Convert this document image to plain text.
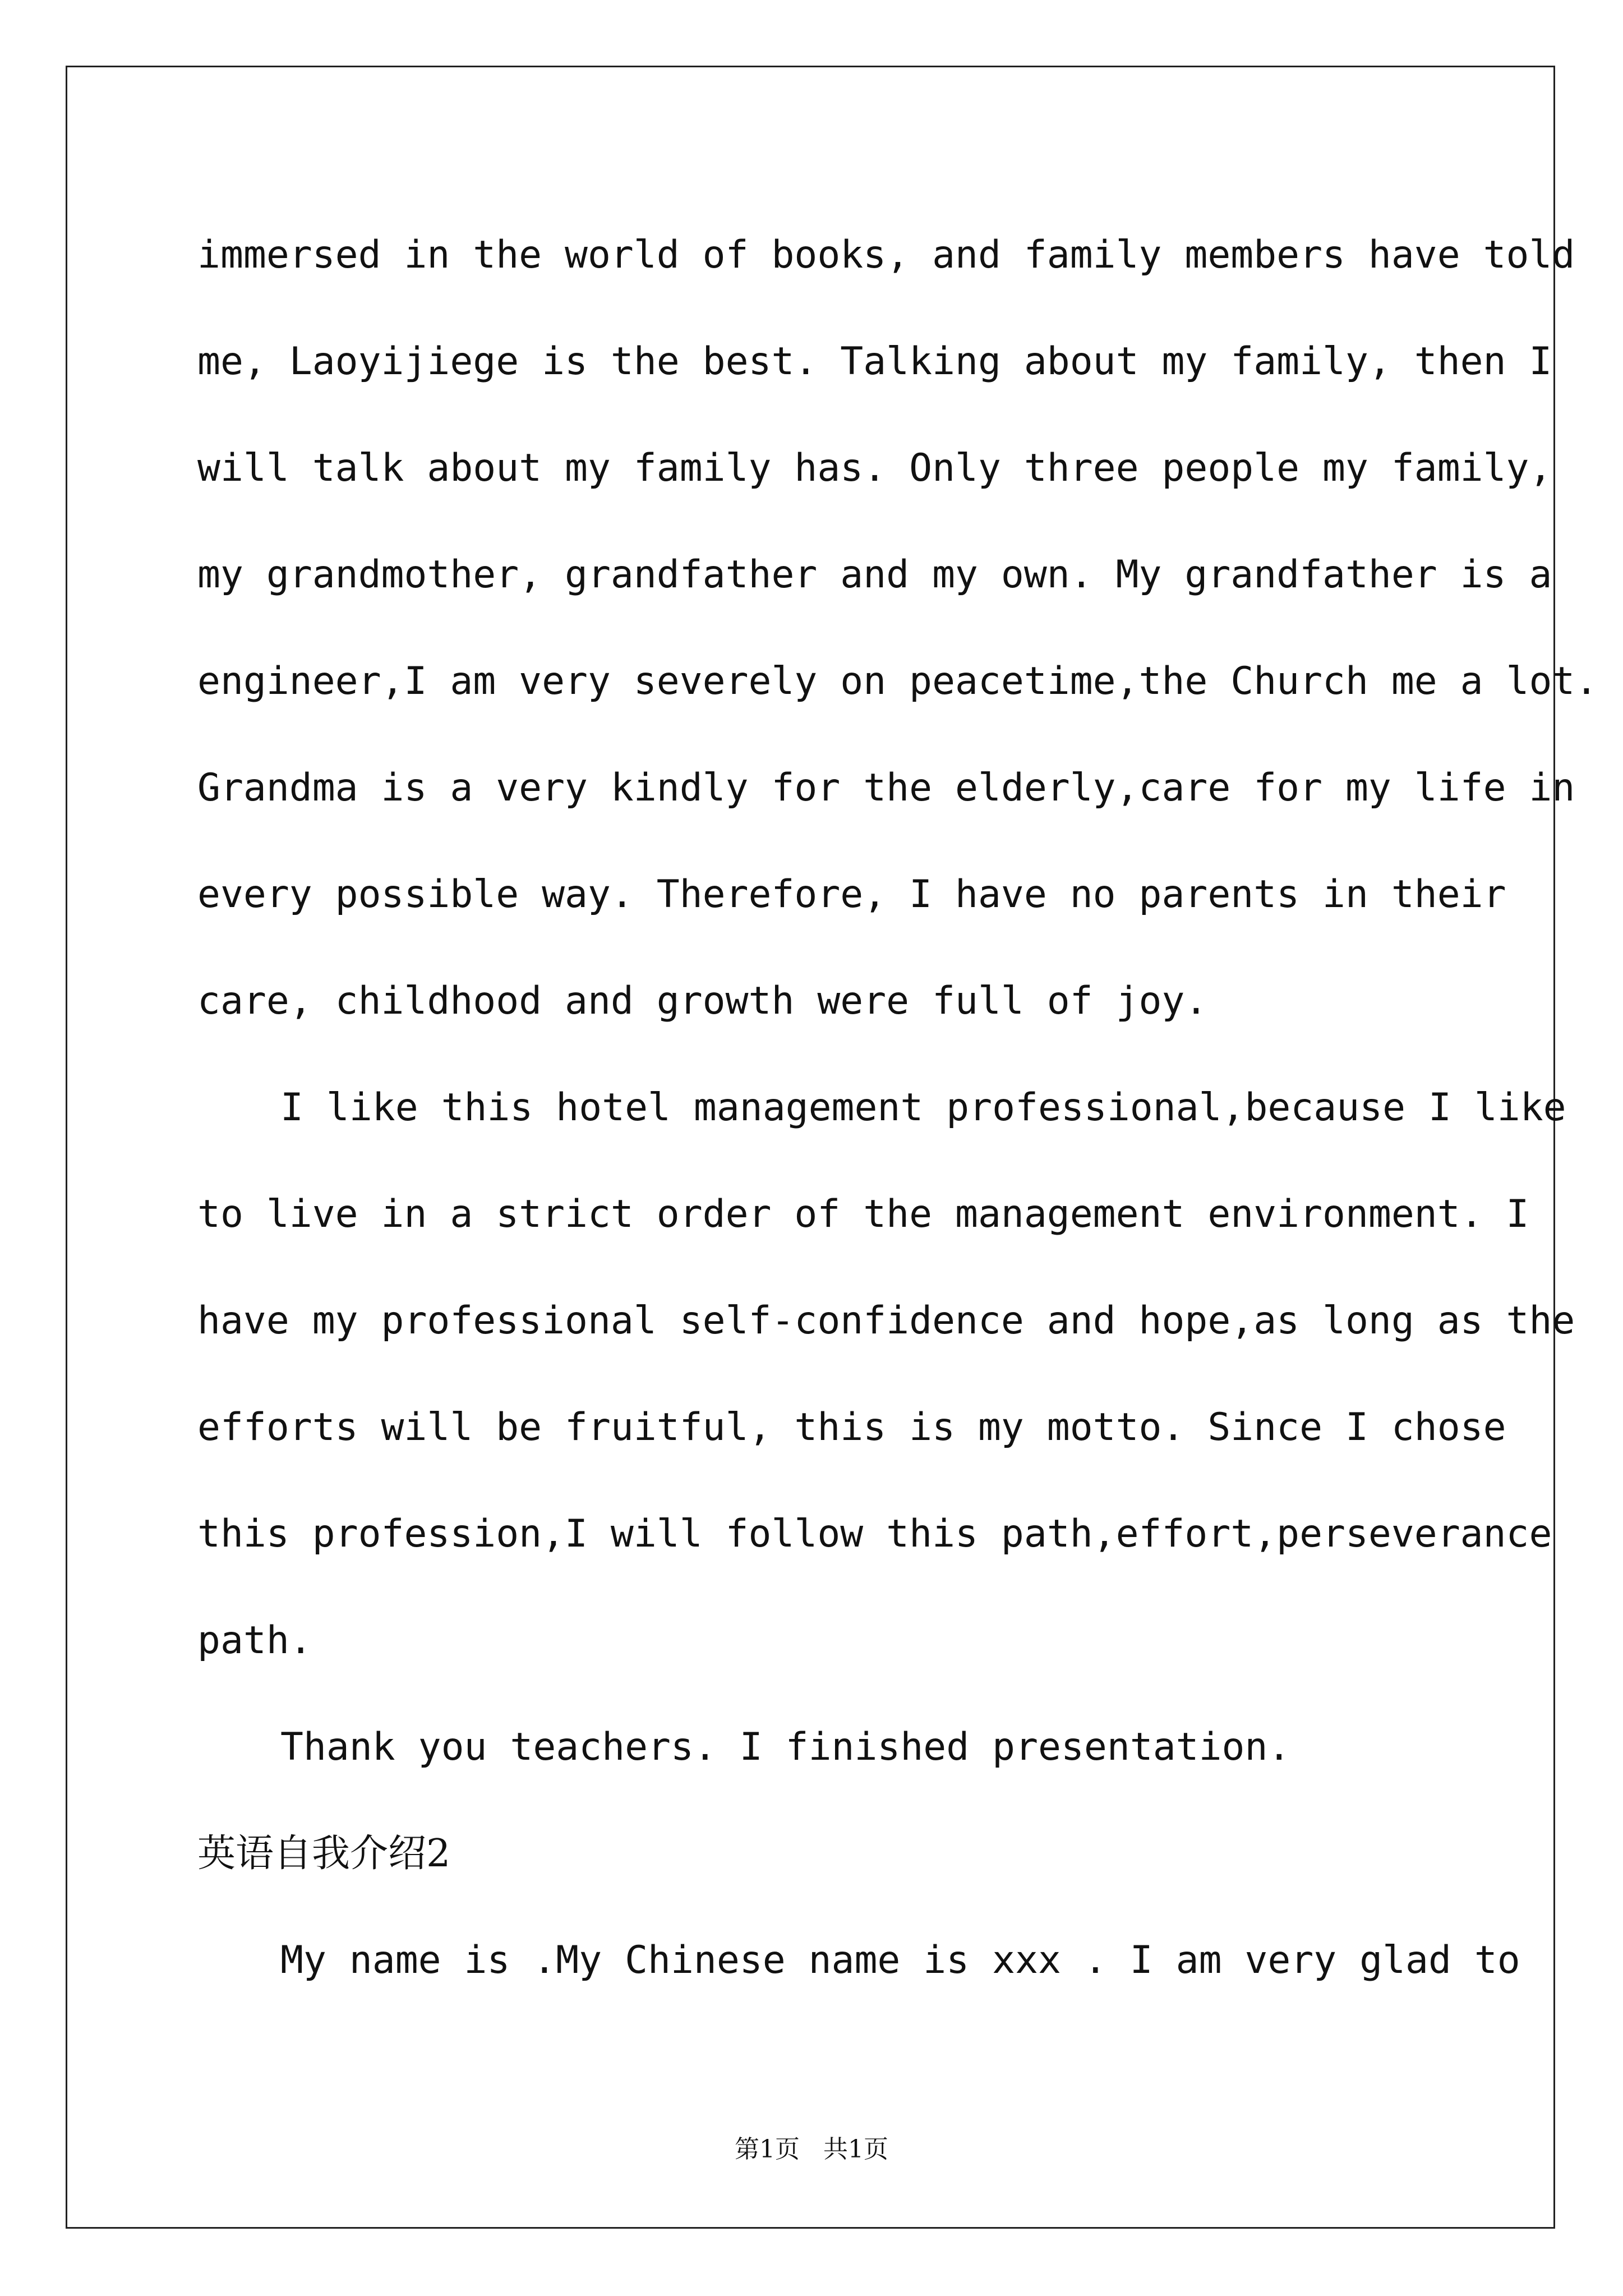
immersed in the world of books, and family members have told
me, Laoyijiege is the best. Talking about my family, then I
will talk about my family has. Only three people my family,
my grandmother, grandfather and my own. My grandfather is a
engineer,I am very severely on peacetime,the Church me a lot.
Grandma is a very kindly for the elderly,care for my life in
every possible way. Therefore, I have no parents in their
care, childhood and growth were full of joy.
I like this hotel management professional,because I like
to live in a strict order of the management environment. I
have my professional self-confidence and hope,as long as the
efforts will be fruitful, this is my motto. Since I chose
this profession,I will follow this path,effort,perseverance
path.
Thank you teachers. I finished presentation.
英语自我介绍2
My name is .My Chinese name is xxx . I am very glad to
第1页 共1页
